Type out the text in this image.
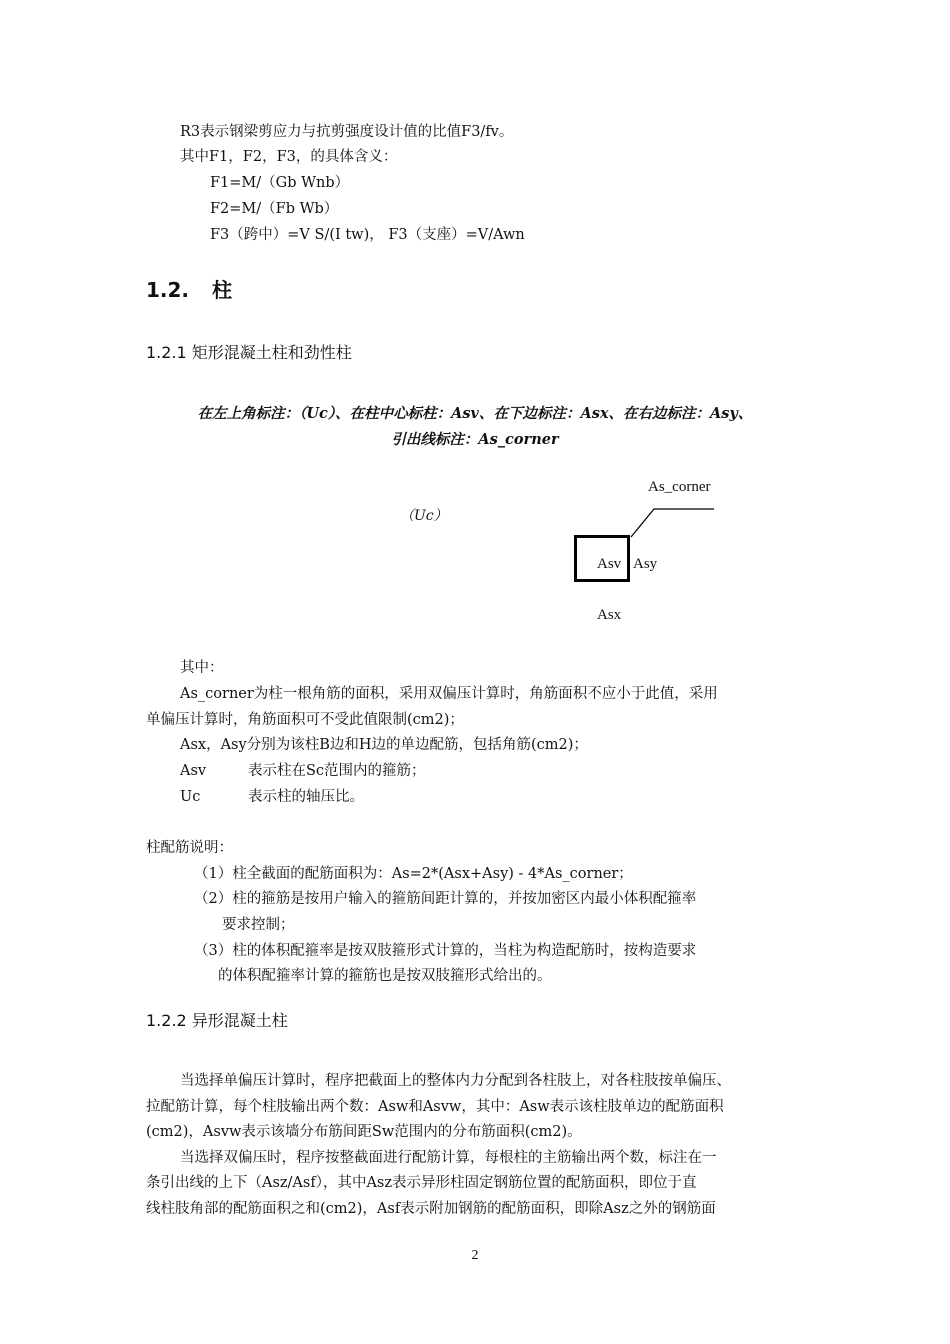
R3表示钢梁剪应力与抗剪强度设计值的比值F3/fv。
其中F1，F2，F3，的具体含义：
F1=M/（Gb Wnb）
F2=M/（Fb Wb）
F3（跨中）=V S/(I tw)， F3（支座）=V/Awn
1.2. 柱
1.2.1 矩形混凝土柱和劲性柱
在左上角标注：（Uc）、在柱中心标柱：Asv、在下边标注：Asx、在右边标注：Asy、
引出线标注：As_corner
（Uc）
As_corner
Asv Asy
Asx
其中：
As_corner为柱一根角筋的面积，采用双偏压计算时，角筋面积不应小于此值，采用
单偏压计算时，角筋面积可不受此值限制(cm2)；
Asx，Asy分别为该柱B边和H边的单边配筋，包括角筋(cm2)；
Asv	表示柱在Sc范围内的箍筋；
Uc	表示柱的轴压比。
柱配筋说明：
（1）柱全截面的配筋面积为：As=2*(Asx+Asy) - 4*As_corner；
（2）柱的箍筋是按用户输入的箍筋间距计算的，并按加密区内最小体积配箍率
要求控制；
（3）柱的体积配箍率是按双肢箍形式计算的，当柱为构造配筋时，按构造要求
的体积配箍率计算的箍筋也是按双肢箍形式给出的。
1.2.2 异形混凝土柱
当选择单偏压计算时，程序把截面上的整体内力分配到各柱肢上，对各柱肢按单偏压、
拉配筋计算，每个柱肢输出两个数：Asw和Asvw，其中：Asw表示该柱肢单边的配筋面积
(cm2)，Asvw表示该墙分布筋间距Sw范围内的分布筋面积(cm2)。
当选择双偏压时，程序按整截面进行配筋计算，每根柱的主筋输出两个数，标注在一
条引出线的上下（Asz/Asf），其中Asz表示异形柱固定钢筋位置的配筋面积，即位于直
线柱肢角部的配筋面积之和(cm2)，Asf表示附加钢筋的配筋面积，即除Asz之外的钢筋面
2
